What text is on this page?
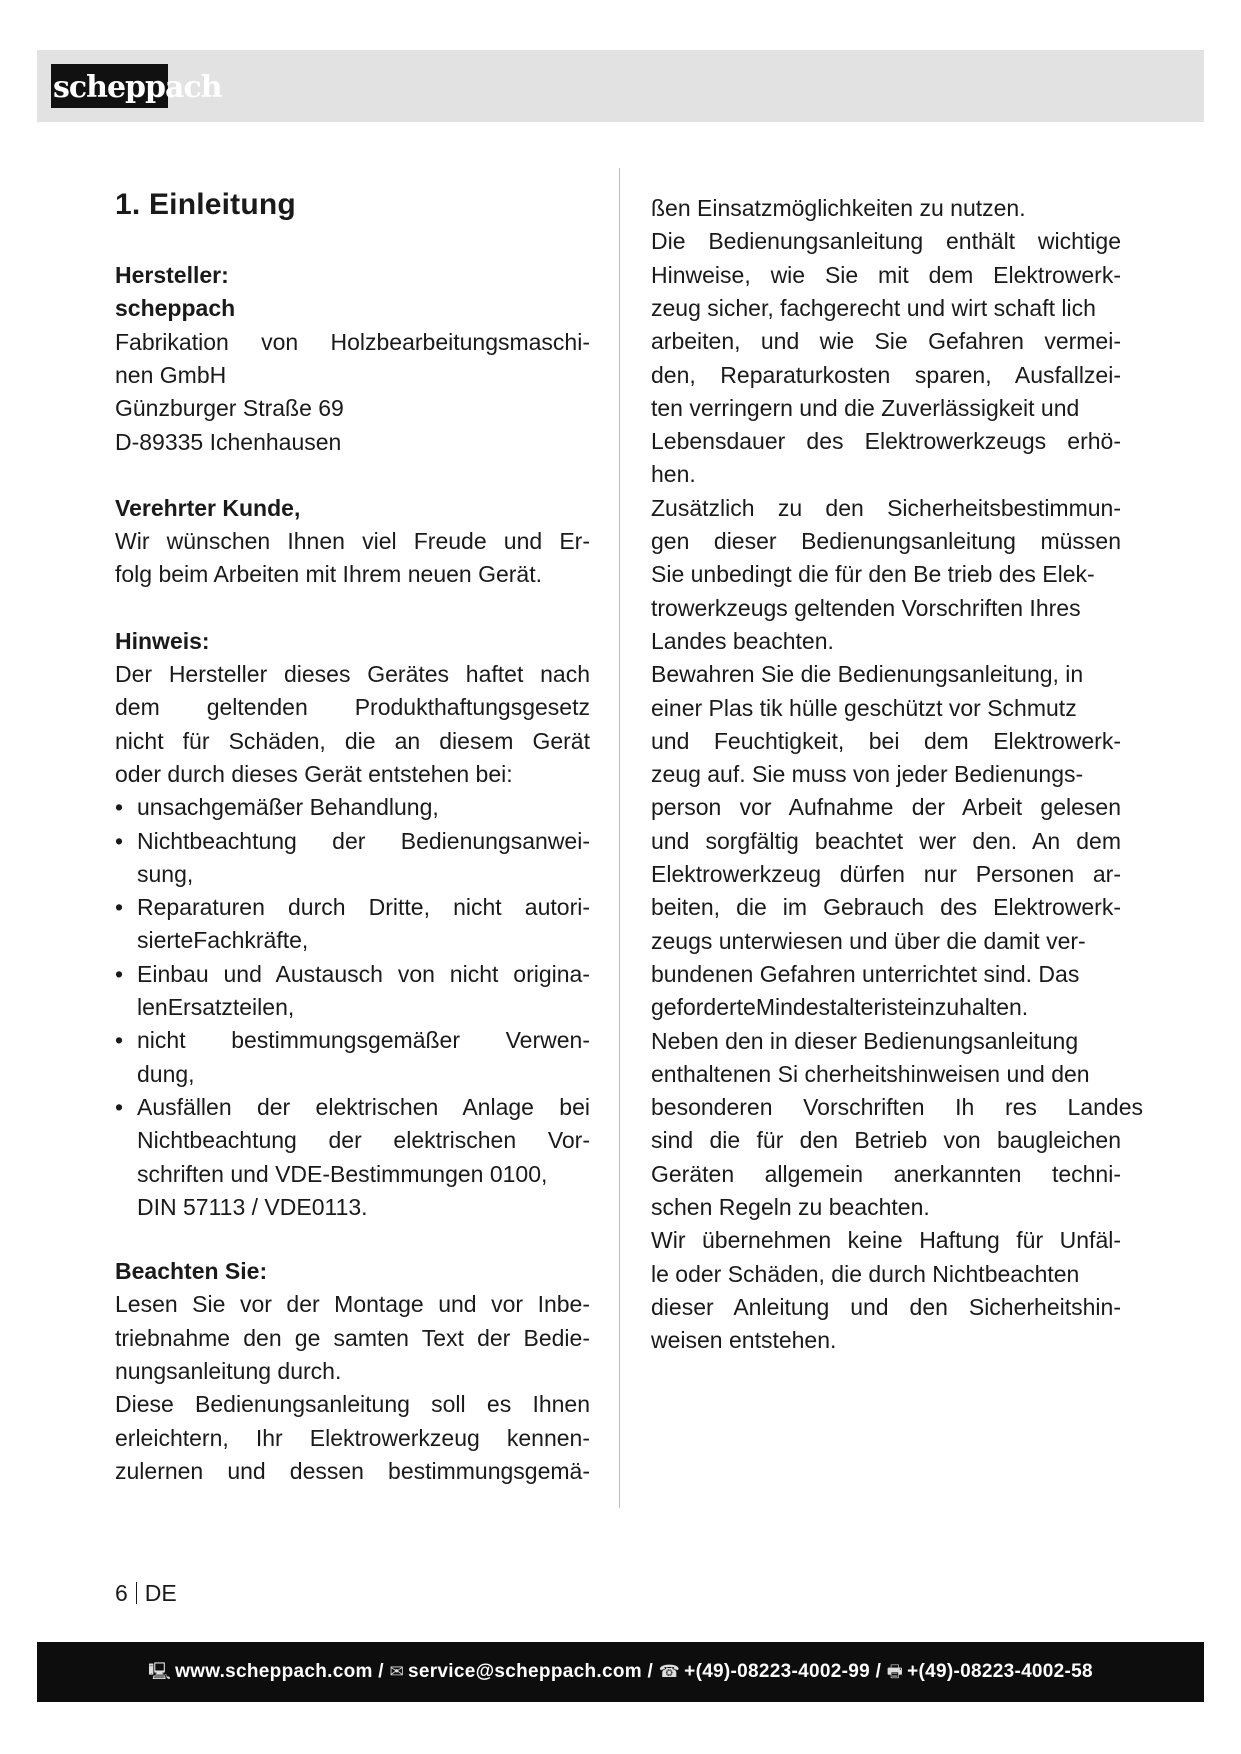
scheppach
1. Einleitung
6 DE
🖳 www.scheppach.com / ✉ service@scheppach.com / ☎ +(49)-08223-4002-99 / 🖶 +(49)-08223-4002-58
Hersteller:
scheppach
Fabrikation von Holzbearbeitungsmaschi-
nen GmbH
Günzburger Straße 69
D-89335 Ichenhausen
Verehrter Kunde,
Wir wünschen Ihnen viel Freude und Er-
folg beim Arbeiten mit Ihrem neuen Gerät.
Hinweis:
Der Hersteller dieses Gerätes haftet nach
dem geltenden Produkthaftungsgesetz
nicht für Schäden, die an diesem Gerät
oder durch dieses Gerät entstehen bei:
• unsachgemäßer Behandlung,
• Nichtbeachtung der Bedienungsanwei-
sung,
• Reparaturen durch Dritte, nicht autori-
sierteFachkräfte,
• Einbau und Austausch von nicht origina-
lenErsatzteilen,
• nicht bestimmungsgemäßer Verwen-
dung,
• Ausfällen der elektrischen Anlage bei
Nichtbeachtung der elektrischen Vor-
schriften und VDE-Bestimmungen 0100,
DIN 57113 / VDE0113.
Beachten Sie:
Lesen Sie vor der Montage und vor Inbe-
triebnahme den ge samten Text der Bedie-
nungsanleitung durch.
Diese Bedienungsanleitung soll es Ihnen
erleichtern, Ihr Elektrowerkzeug kennen-
zulernen und dessen bestimmungsgemä-
ßen Einsatzmöglichkeiten zu nutzen.
Die Bedienungsanleitung enthält wichtige
Hinweise, wie Sie mit dem Elektrowerk-
zeug sicher, fachgerecht und wirt schaft lich
arbeiten, und wie Sie Gefahren vermei-
den, Reparaturkosten sparen, Ausfallzei-
ten verringern und die Zuverlässigkeit und
Lebensdauer des Elektrowerkzeugs erhö-
hen.
Zusätzlich zu den Sicherheitsbestimmun-
gen dieser Bedienungsanleitung müssen
Sie unbedingt die für den Be trieb des Elek-
trowerkzeugs geltenden Vorschriften Ihres
Landes beachten.
Bewahren Sie die Bedienungsanleitung, in
einer Plas tik hülle geschützt vor Schmutz
und Feuchtigkeit, bei dem Elektrowerk-
zeug auf. Sie muss von jeder Bedienungs-
person vor Aufnahme der Arbeit gelesen
und sorgfältig beachtet wer den. An dem
Elektrowerkzeug dürfen nur Personen ar-
beiten, die im Gebrauch des Elektrowerk-
zeugs unterwiesen und über die damit ver-
bundenen Gefahren unterrichtet sind. Das
gefordertеMindestalteristeinzuhalten.
Neben den in dieser Bedienungsanleitung
enthaltenen Si cherheitshinweisen und den
besonderen Vorschriften Ih res Landes
sind die für den Betrieb von baugleichen
Geräten allgemein anerkannten techni-
schen Regeln zu beachten.
Wir übernehmen keine Haftung für Unfäl-
le oder Schäden, die durch Nichtbeachten
dieser Anleitung und den Sicherheitshin-
weisen entstehen.
